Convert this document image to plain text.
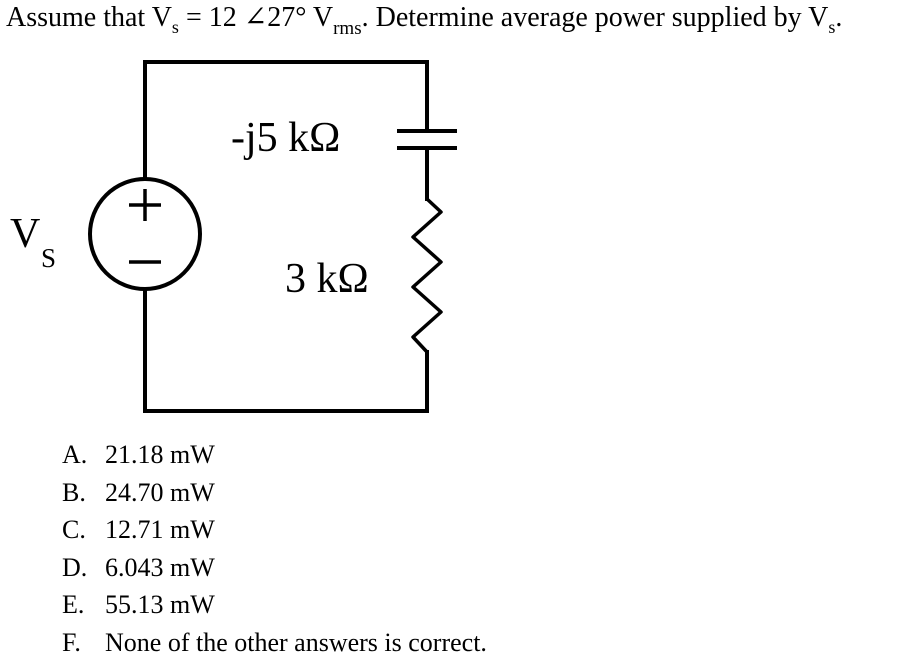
Assume that $V_s = 12$ ∠27° $V_{rms}$. Determine average power supplied by $V_s$.
V
S
-j5 kΩ
3 kΩ
A. 21.18 mW
B. 24.70 mW
C. 12.71 mW
D. 6.043 mW
E. 55.13 mW
F. None of the other answers is correct.
